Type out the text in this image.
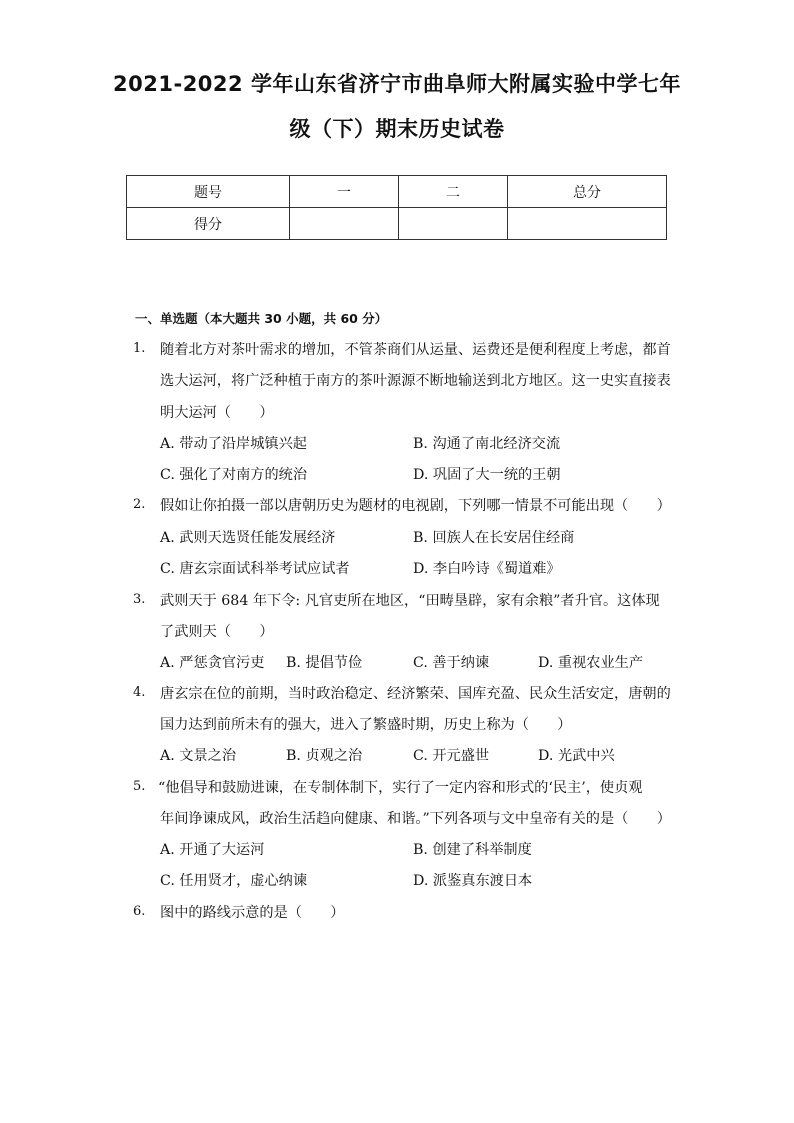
2021-2022 学年山东省济宁市曲阜师大附属实验中学七年
级（下）期末历史试卷
题号	一	二	总分
得分			
一、单选题（本大题共 30 小题，共 60 分）
1. 随着北方对茶叶需求的增加，不管茶商们从运量、运费还是便利程度上考虑，都首
选大运河，将广泛种植于南方的茶叶源源不断地输送到北方地区。这一史实直接表
明大运河（　　）
A. 带动了沿岸城镇兴起	B. 沟通了南北经济交流
C. 强化了对南方的统治	D. 巩固了大一统的王朝
2. 假如让你拍摄一部以唐朝历史为题材的电视剧，下列哪一情景不可能出现（　　）
A. 武则天选贤任能发展经济	B. 回族人在长安居住经商
C. 唐玄宗面试科举考试应试者	D. 李白吟诗《蜀道难》
3. 武则天于 684 年下令: 凡官吏所在地区，“田畴垦辟，家有余粮”者升官。这体现
了武则天（　　）
A. 严惩贪官污吏 B. 提倡节俭	C. 善于纳谏	D. 重视农业生产
4. 唐玄宗在位的前期，当时政治稳定、经济繁荣、国库充盈、民众生活安定，唐朝的
国力达到前所未有的强大，进入了繁盛时期，历史上称为（　　）
A. 文景之治	B. 贞观之治	C. 开元盛世	D. 光武中兴
5. “他倡导和鼓励进谏，在专制体制下，实行了一定内容和形式的‘民主’，使贞观
年间诤谏成风，政治生活趋向健康、和谐。”下列各项与文中皇帝有关的是（　　）
A. 开通了大运河	B. 创建了科举制度
C. 任用贤才，虚心纳谏	D. 派鉴真东渡日本
6. 图中的路线示意的是（　　）
